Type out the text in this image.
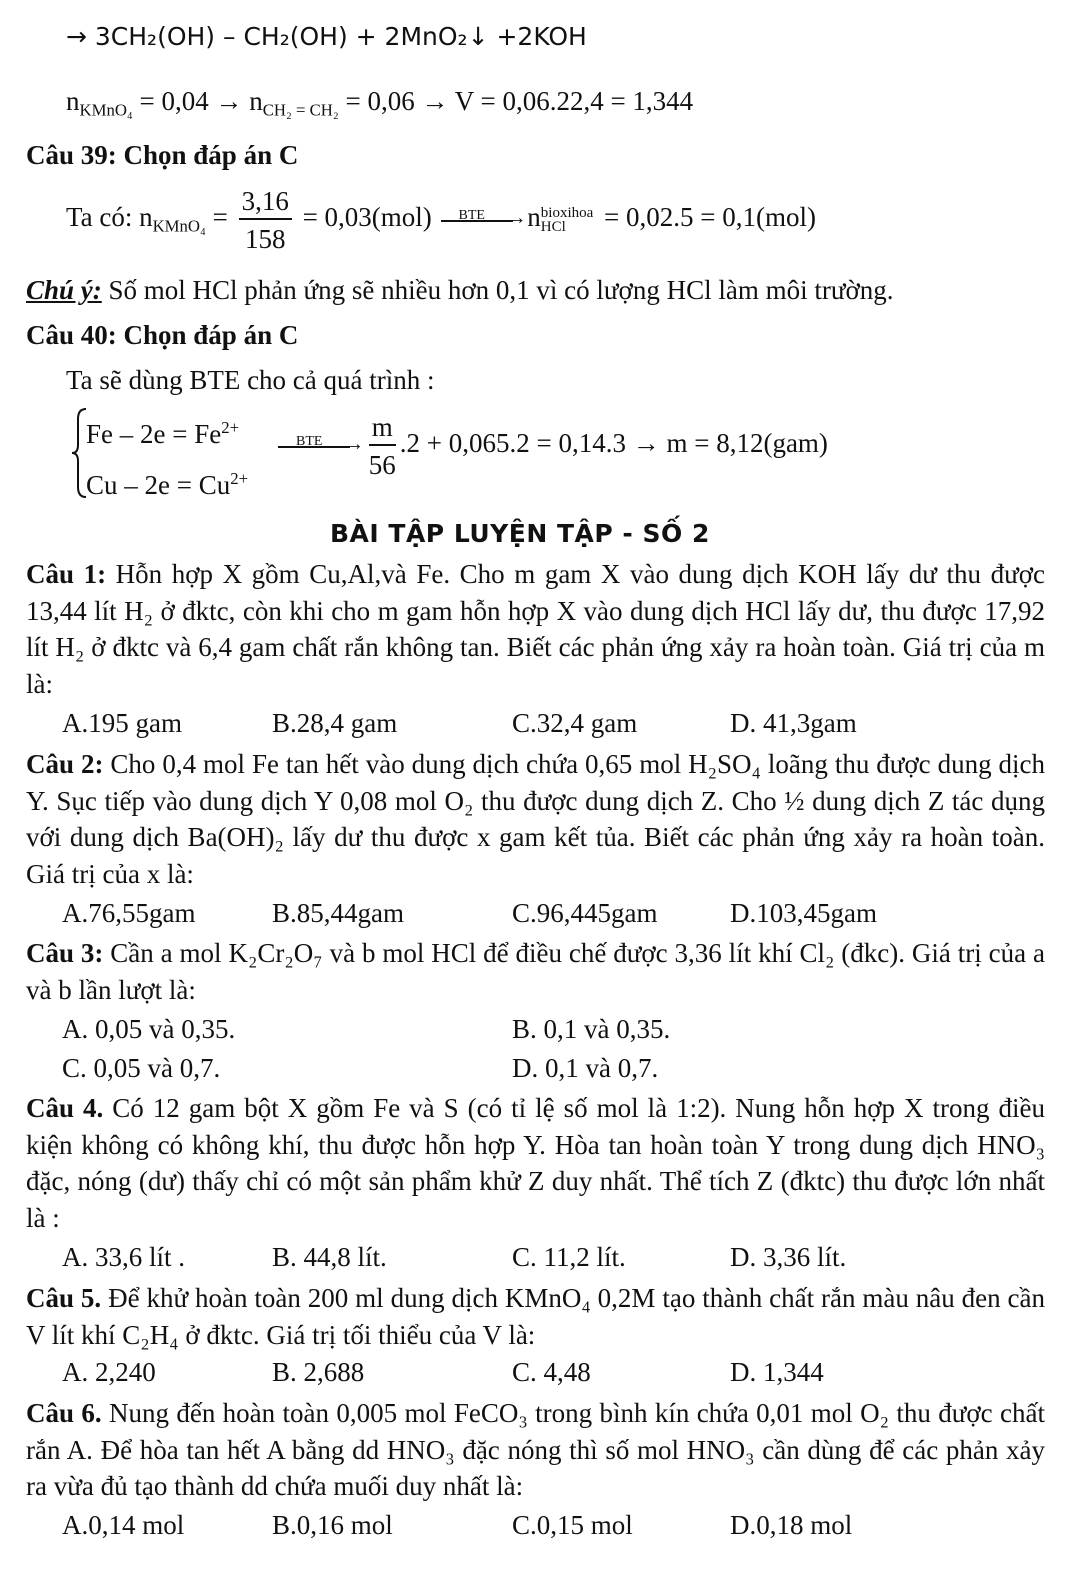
→ 3CH₂(OH) – CH₂(OH) + 2MnO₂↓ +2KOH
$n_{KMnO_4} = 0,04 \to n_{CH_2 = CH_2} = 0,06 \to V = 0,06.22,4 = 1,344$
Câu 39: Chọn đáp án C
Ta có: $n_{KMnO_4} = \frac{3,16}{158} = 0,03(mol)$ BTE → n bioxihoa
HCl	= 0,02.5 = 0,1(mol)
Chú ý: Số mol HCl phản ứng sẽ nhiều hơn 0,1 vì có lượng HCl làm môi trường.
Câu 40: Chọn đáp án C
Ta sẽ dùng BTE cho cả quá trình :
$Fe - 2e = Fe^{2+}$
$Cu - 2e = Cu^{2+}$
BTE →
$\frac{m}{56} .2 + 0,065.2 = 0,14.3 \to m = 8,12(gam)$
BÀI TẬP LUYỆN TẬP - SỐ 2

Câu 1: Hỗn hợp X gồm Cu,Al,và Fe. Cho m gam X vào dung dịch KOH lấy dư thu được 13,44 lít H₂ ở đktc, còn khi cho m gam hỗn hợp X vào dung dịch HCl lấy dư, thu được 17,92 lít H₂ ở đktc và 6,4 gam chất rắn không tan. Biết các phản ứng xảy ra hoàn toàn. Giá trị của m là:

A.195 gam	B.28,4 gam	C.32,4 gam	D. 41,3gam

Câu 2: Cho 0,4 mol Fe tan hết vào dung dịch chứa 0,65 mol H₂SO₄ loãng thu được dung dịch Y. Sục tiếp vào dung dịch Y 0,08 mol O₂ thu được dung dịch Z. Cho ½ dung dịch Z tác dụng với dung dịch Ba(OH)₂ lấy dư thu được x gam kết tủa. Biết các phản ứng xảy ra hoàn toàn. Giá trị của x là:

A.76,55gam	B.85,44gam	C.96,445gam	D.103,45gam

Câu 3: Cần a mol K₂Cr₂O₇ và b mol HCl để điều chế được 3,36 lít khí Cl₂ (đkc). Giá trị của a và b lần lượt là:

A. 0,05 và 0,35.	B. 0,1 và 0,35.
C. 0,05 và 0,7.	D. 0,1 và 0,7.

Câu 4. Có 12 gam bột X gồm Fe và S (có tỉ lệ số mol là 1:2). Nung hỗn hợp X trong điều kiện không có không khí, thu được hỗn hợp Y. Hòa tan hoàn toàn Y trong dung dịch HNO₃ đặc, nóng (dư) thấy chỉ có một sản phẩm khử Z duy nhất. Thể tích Z (đktc) thu được lớn nhất là :

A. 33,6 lít .	B. 44,8 lít.	C. 11,2 lít.	D. 3,36 lít.

Câu 5. Để khử hoàn toàn 200 ml dung dịch KMnO₄ 0,2M tạo thành chất rắn màu nâu đen cần V lít khí C₂H₄ ở đktc. Giá trị tối thiểu của V là:

A. 2,240	B. 2,688	C. 4,48	D. 1,344

Câu 6. Nung đến hoàn toàn 0,005 mol FeCO₃ trong bình kín chứa 0,01 mol O₂ thu được chất rắn A. Để hòa tan hết A bằng dd HNO₃ đặc nóng thì số mol HNO₃ cần dùng để các phản xảy ra vừa đủ tạo thành dd chứa muối duy nhất là:

A.0,14 mol	B.0,16 mol	C.0,15 mol	D.0,18 mol
